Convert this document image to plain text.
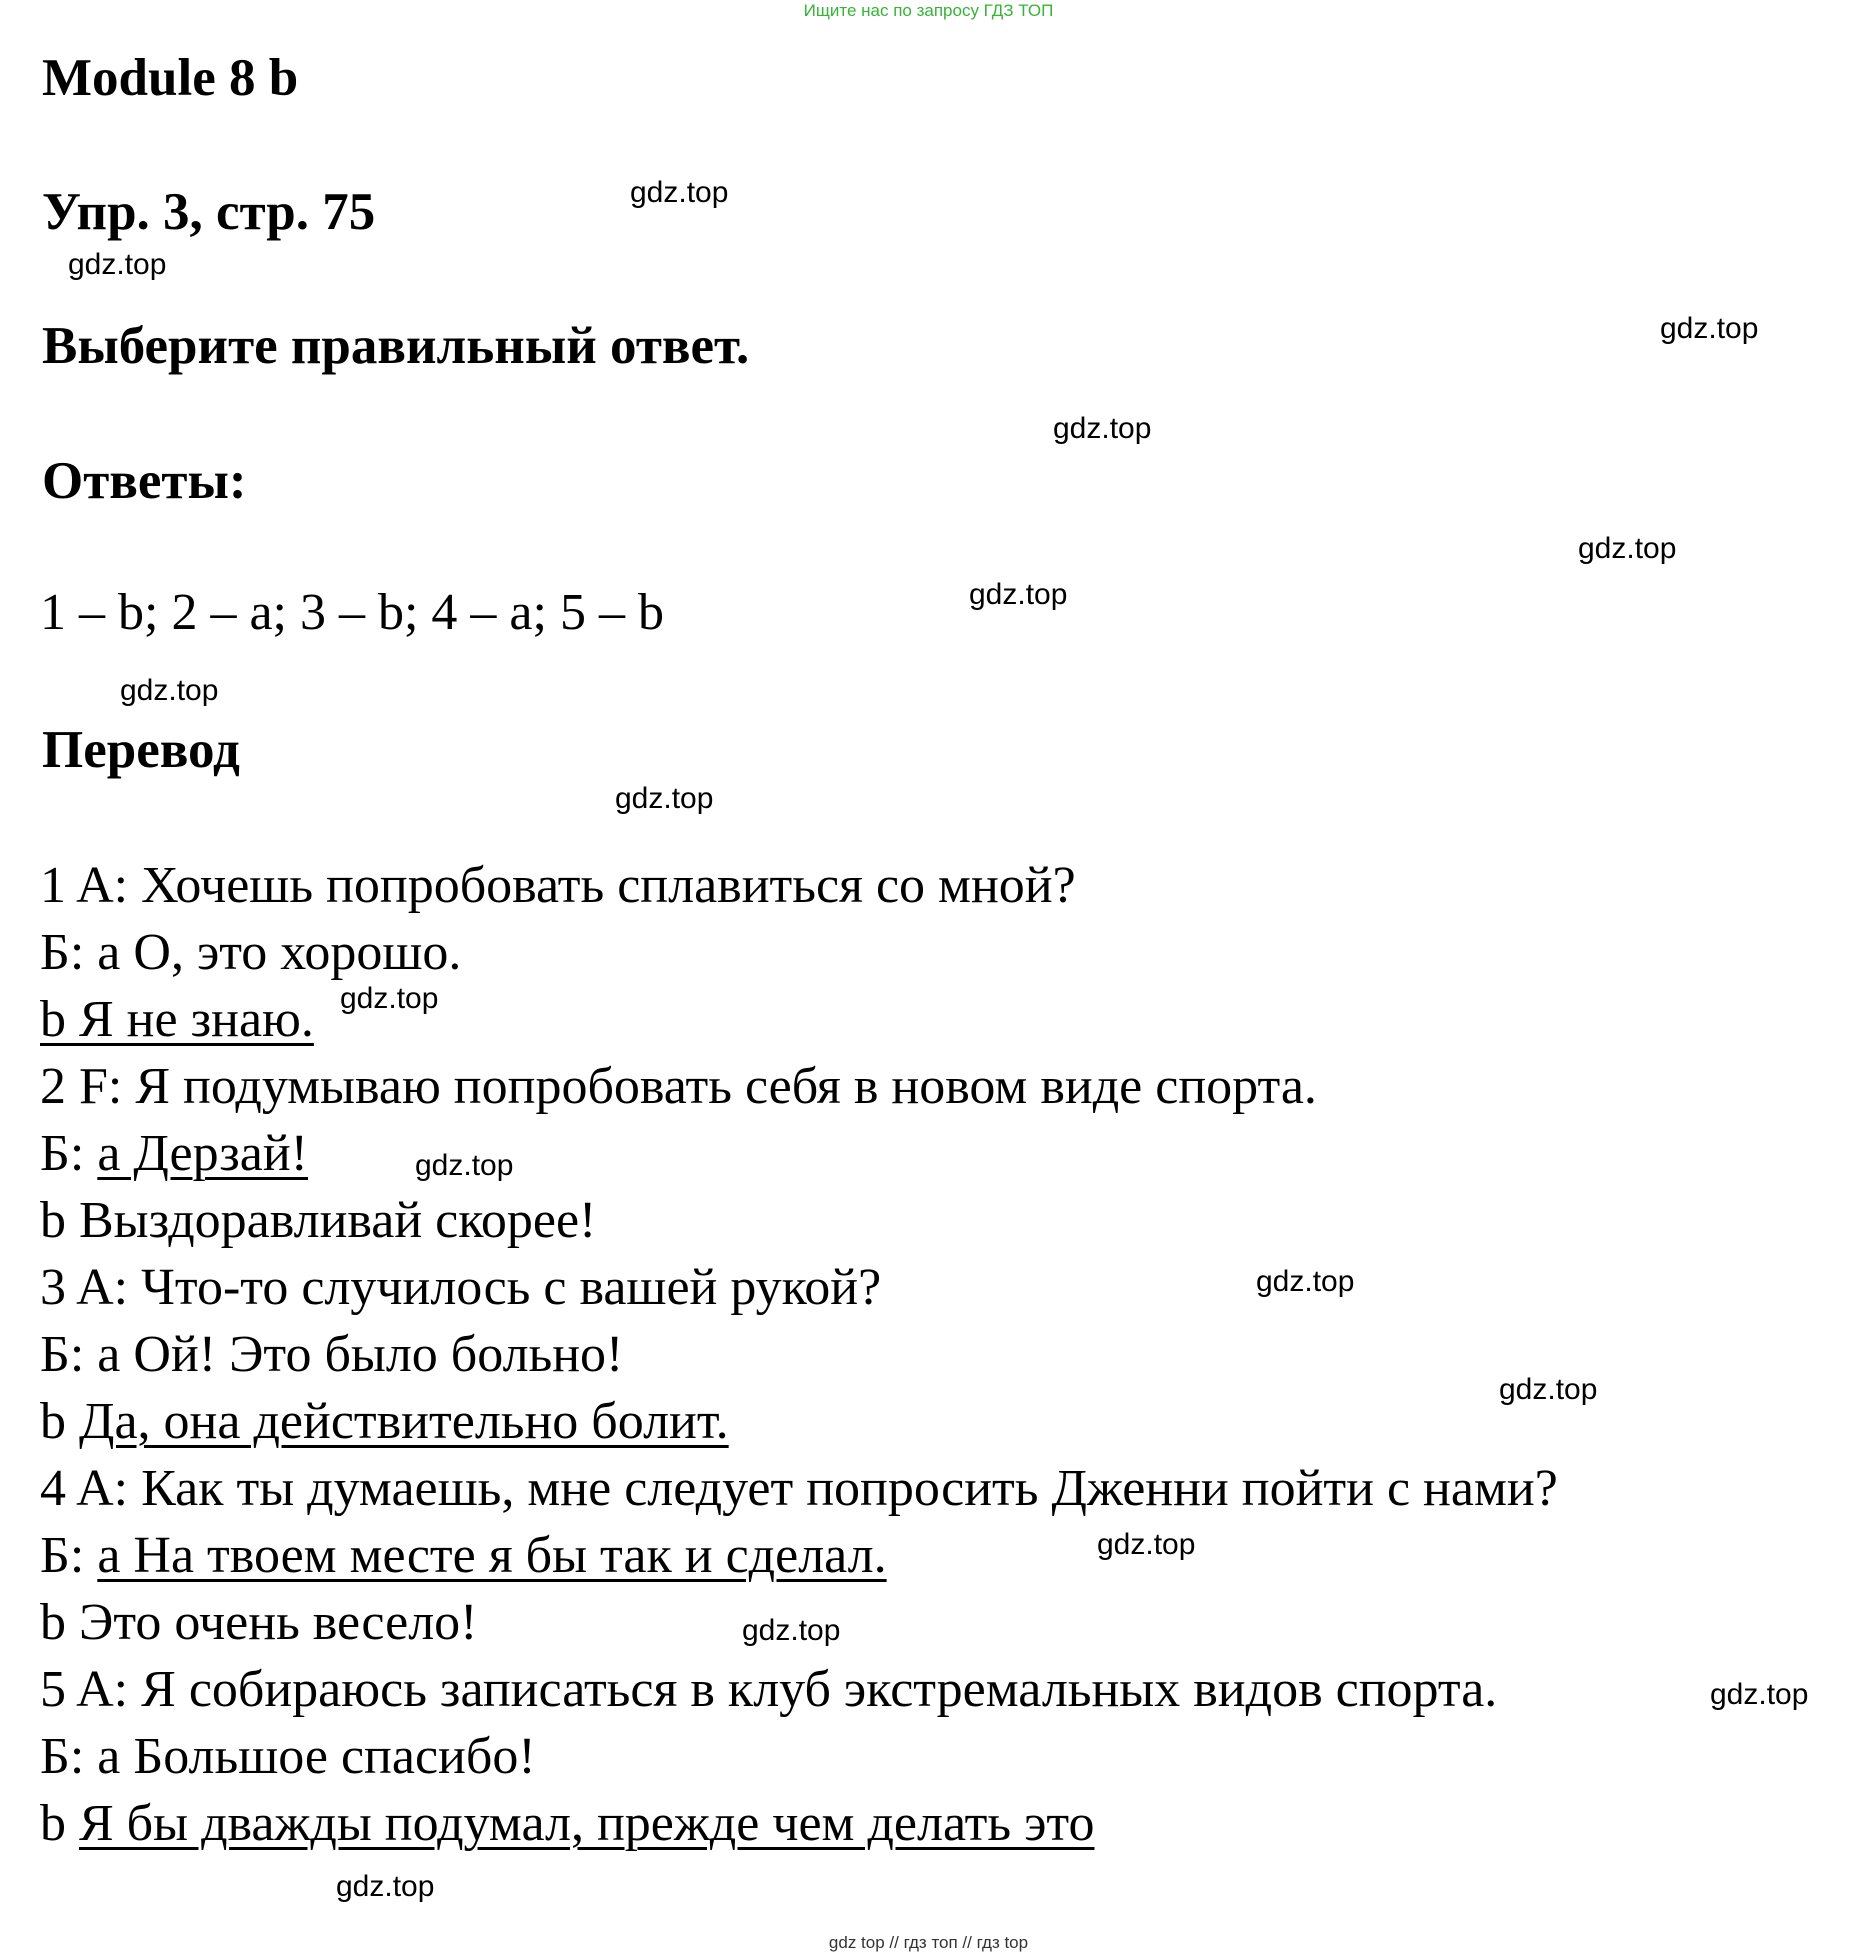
Ищите нас по запросу ГДЗ ТОП
Module 8 b
Упр. 3, стр. 75
Выберите правильный ответ.
Ответы:

1 – b; 2 – a; 3 – b; 4 – a; 5 – b

Перевод

1 A: Хочешь попробовать сплавиться со мной?

Б: а О, это хорошо.

b Я не знаю.

2 F: Я подумываю попробовать себя в новом виде спорта.

Б: а Дерзай!

b Выздоравливай скорее!

3 A: Что-то случилось с вашей рукой?

Б: а Ой! Это было больно!

b Да, она действительно болит.

4 A: Как ты думаешь, мне следует попросить Дженни пойти с нами?

Б: а На твоем месте я бы так и сделал.

b Это очень весело!

5 A: Я собираюсь записаться в клуб экстремальных видов спорта.

Б: а Большое спасибо!

b Я бы дважды подумал, прежде чем делать это

gdz.top
gdz.top
gdz.top
gdz.top
gdz.top
gdz.top
gdz.top
gdz.top
gdz.top
gdz.top
gdz.top
gdz.top
gdz.top
gdz.top
gdz.top
gdz.top
gdz top // гдз топ // гдз top
